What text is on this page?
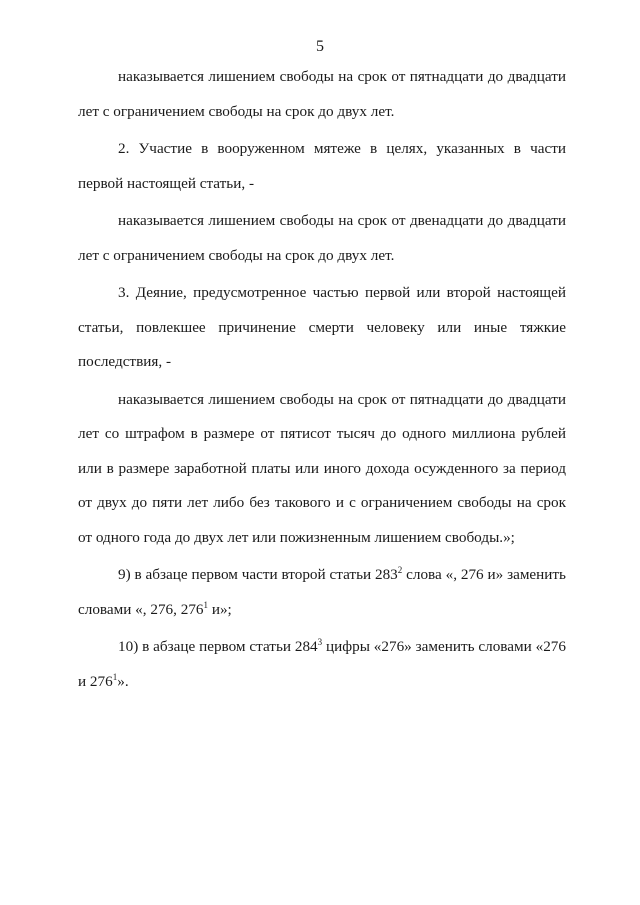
5

наказывается лишением свободы на срок от пятнадцати до двадцати лет с ограничением свободы на срок до двух лет.

2. Участие в вооруженном мятеже в целях, указанных в части первой настоящей статьи, -

наказывается лишением свободы на срок от двенадцати до двадцати лет с ограничением свободы на срок до двух лет.

3. Деяние, предусмотренное частью первой или второй настоящей статьи, повлекшее причинение смерти человеку или иные тяжкие последствия, -

наказывается лишением свободы на срок от пятнадцати до двадцати лет со штрафом в размере от пятисот тысяч до одного миллиона рублей или в размере заработной платы или иного дохода осужденного за период от двух до пяти лет либо без такового и с ограничением свободы на срок от одного года до двух лет или пожизненным лишением свободы.»;

9) в абзаце первом части второй статьи $283^2$ слова «, 276 и» заменить словами «, 276, $276^1$ и»;

10) в абзаце первом статьи $284^3$ цифры «276» заменить словами «276 и $276^1$».
